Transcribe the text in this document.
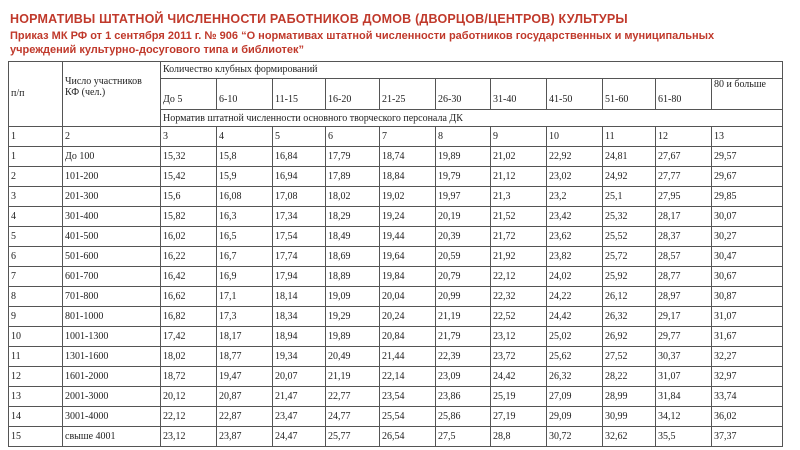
НОРМАТИВЫ ШТАТНОЙ ЧИСЛЕННОСТИ РАБОТНИКОВ ДОМОВ (ДВОРЦОВ/ЦЕНТРОВ) КУЛЬТУРЫ
Приказ МК РФ от 1 сентября 2011 г. № 906 “О нормативах штатной численности работников государственных и муниципальных учреждений культурно-досугового типа и библиотек”
п/п	Число участников КФ (чел.)	Количество клубных формирований										
		До 5	6-10	11-15	16-20	21-25	26-30	31-40	41-50	51-60	61-80	80 и больше
		Норматив штатной численности основного творческого персонала ДК										
1	2	3	4	5	6	7	8	9	10	11	12	13
1	До 100	15,32	15,8	16,84	17,79	18,74	19,89	21,02	22,92	24,81	27,67	29,57
2	101-200	15,42	15,9	16,94	17,89	18,84	19,79	21,12	23,02	24,92	27,77	29,67
3	201-300	15,6	16,08	17,08	18,02	19,02	19,97	21,3	23,2	25,1	27,95	29,85
4	301-400	15,82	16,3	17,34	18,29	19,24	20,19	21,52	23,42	25,32	28,17	30,07
5	401-500	16,02	16,5	17,54	18,49	19,44	20,39	21,72	23,62	25,52	28,37	30,27
6	501-600	16,22	16,7	17,74	18,69	19,64	20,59	21,92	23,82	25,72	28,57	30,47
7	601-700	16,42	16,9	17,94	18,89	19,84	20,79	22,12	24,02	25,92	28,77	30,67
8	701-800	16,62	17,1	18,14	19,09	20,04	20,99	22,32	24,22	26,12	28,97	30,87
9	801-1000	16,82	17,3	18,34	19,29	20,24	21,19	22,52	24,42	26,32	29,17	31,07
10	1001-1300	17,42	18,17	18,94	19,89	20,84	21,79	23,12	25,02	26,92	29,77	31,67
11	1301-1600	18,02	18,77	19,34	20,49	21,44	22,39	23,72	25,62	27,52	30,37	32,27
12	1601-2000	18,72	19,47	20,07	21,19	22,14	23,09	24,42	26,32	28,22	31,07	32,97
13	2001-3000	20,12	20,87	21,47	22,77	23,54	23,86	25,19	27,09	28,99	31,84	33,74
14	3001-4000	22,12	22,87	23,47	24,77	25,54	25,86	27,19	29,09	30,99	34,12	36,02
15	свыше 4001	23,12	23,87	24,47	25,77	26,54	27,5	28,8	30,72	32,62	35,5	37,37
